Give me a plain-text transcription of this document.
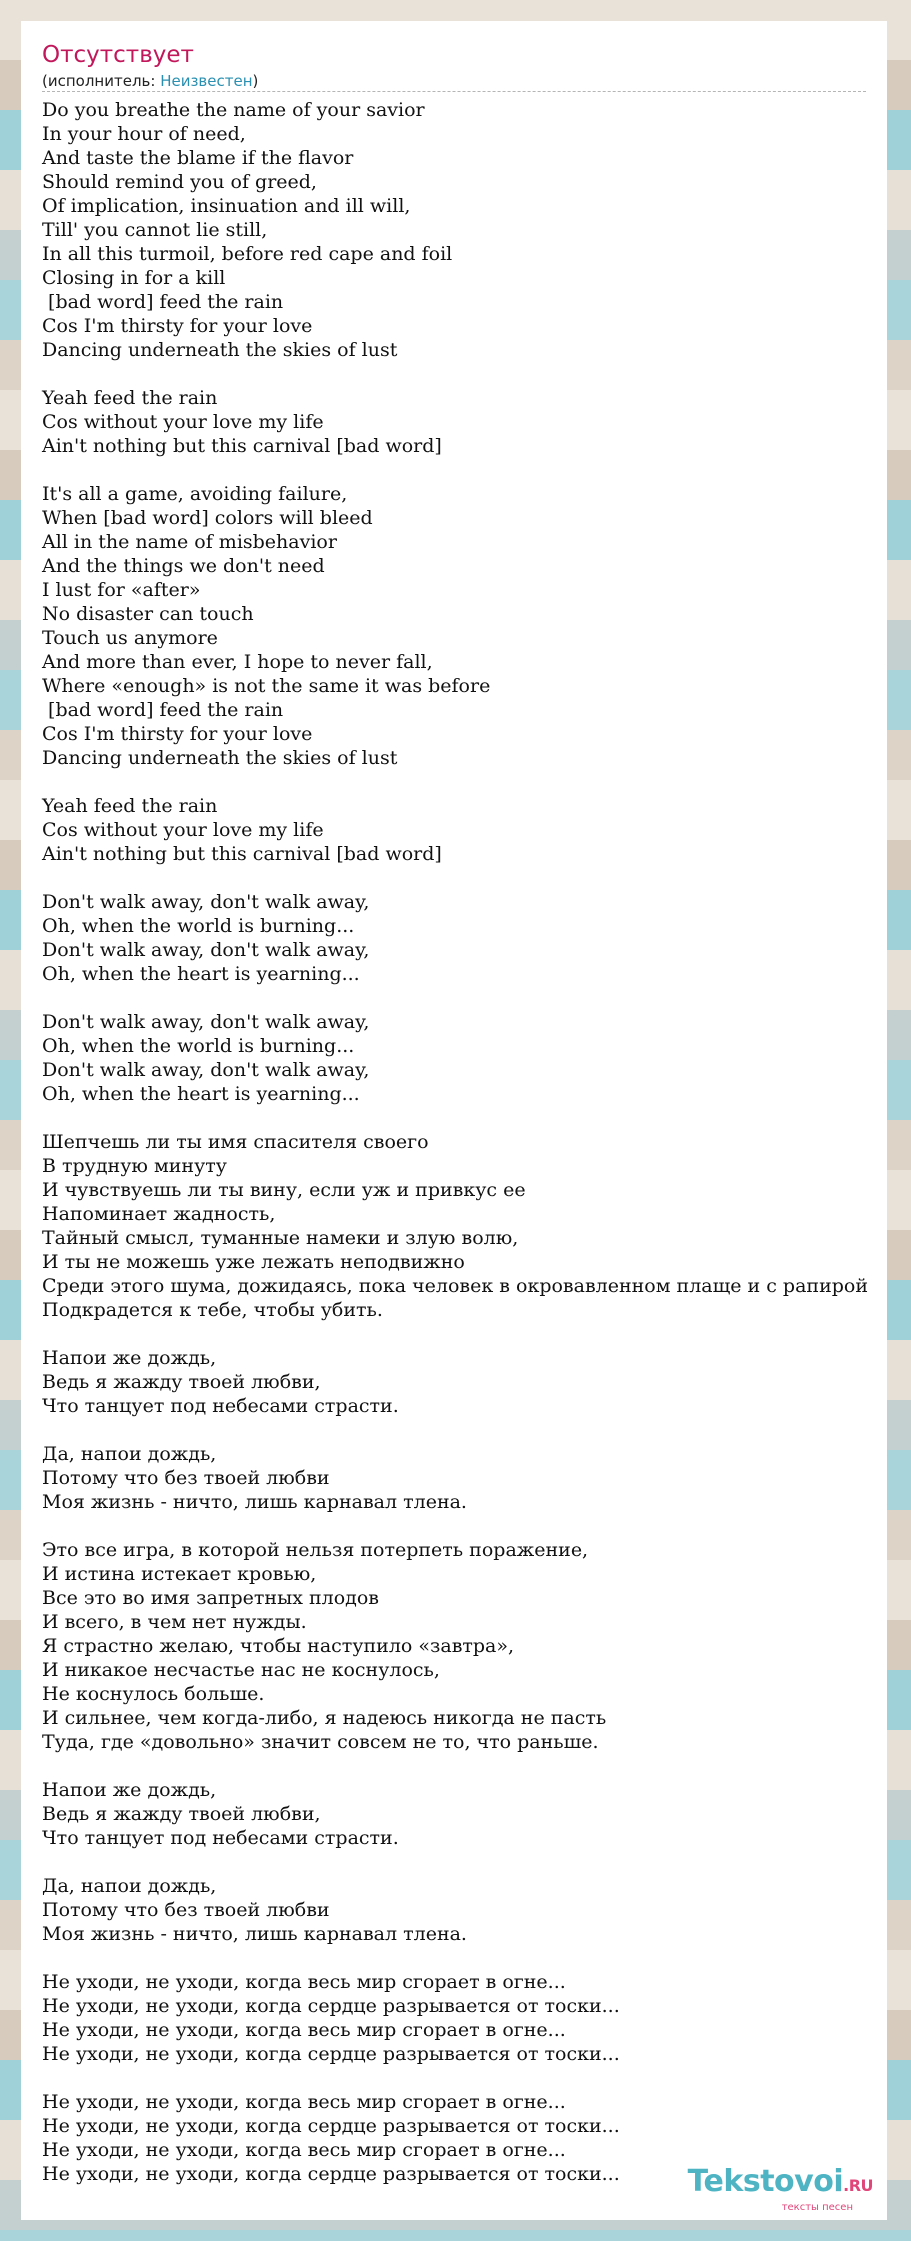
Отсутствует
(исполнитель: Неизвестен)
Do you breathe the name of your savior
In your hour of need,
And taste the blame if the flavor
Should remind you of greed,
Of implication, insinuation and ill will,
Till' you cannot lie still,
In all this turmoil, before red cape and foil
Closing in for a kill
[bad word] feed the rain
Cos I'm thirsty for your love
Dancing underneath the skies of lust
Yeah feed the rain
Cos without your love my life
Ain't nothing but this carnival [bad word]
It's all a game, avoiding failure,
When [bad word] colors will bleed
All in the name of misbehavior
And the things we don't need
I lust for «after»
No disaster can touch
Touch us anymore
And more than ever, I hope to never fall,
Where «enough» is not the same it was before
[bad word] feed the rain
Cos I'm thirsty for your love
Dancing underneath the skies of lust
Yeah feed the rain
Cos without your love my life
Ain't nothing but this carnival [bad word]
Don't walk away, don't walk away,
Oh, when the world is burning...
Don't walk away, don't walk away,
Oh, when the heart is yearning...
Don't walk away, don't walk away,
Oh, when the world is burning...
Don't walk away, don't walk away,
Oh, when the heart is yearning...
Шепчешь ли ты имя спасителя своего
В трудную минуту
И чувствуешь ли ты вину, если уж и привкус ее
Напоминает жадность,
Тайный смысл, туманные намеки и злую волю,
И ты не можешь уже лежать неподвижно
Среди этого шума, дожидаясь, пока человек в окровавленном плаще и с рапирой
Подкрадется к тебе, чтобы убить.
Напои же дождь,
Ведь я жажду твоей любви,
Что танцует под небесами страсти.
Да, напои дождь,
Потому что без твоей любви
Моя жизнь - ничто, лишь карнавал тлена.
Это все игра, в которой нельзя потерпеть поражение,
И истина истекает кровью,
Все это во имя запретных плодов
И всего, в чем нет нужды.
Я страстно желаю, чтобы наступило «завтра»,
И никакое несчастье нас не коснулось,
Не коснулось больше.
И сильнее, чем когда-либо, я надеюсь никогда не пасть
Туда, где «довольно» значит совсем не то, что раньше.
Напои же дождь,
Ведь я жажду твоей любви,
Что танцует под небесами страсти.
Да, напои дождь,
Потому что без твоей любви
Моя жизнь - ничто, лишь карнавал тлена.
Не уходи, не уходи, когда весь мир сгорает в огне...
Не уходи, не уходи, когда сердце разрывается от тоски...
Не уходи, не уходи, когда весь мир сгорает в огне...
Не уходи, не уходи, когда сердце разрывается от тоски...
Не уходи, не уходи, когда весь мир сгорает в огне...
Не уходи, не уходи, когда сердце разрывается от тоски...
Не уходи, не уходи, когда весь мир сгорает в огне...
Не уходи, не уходи, когда сердце разрывается от тоски...	Tekstovoi.RU
тексты песен
